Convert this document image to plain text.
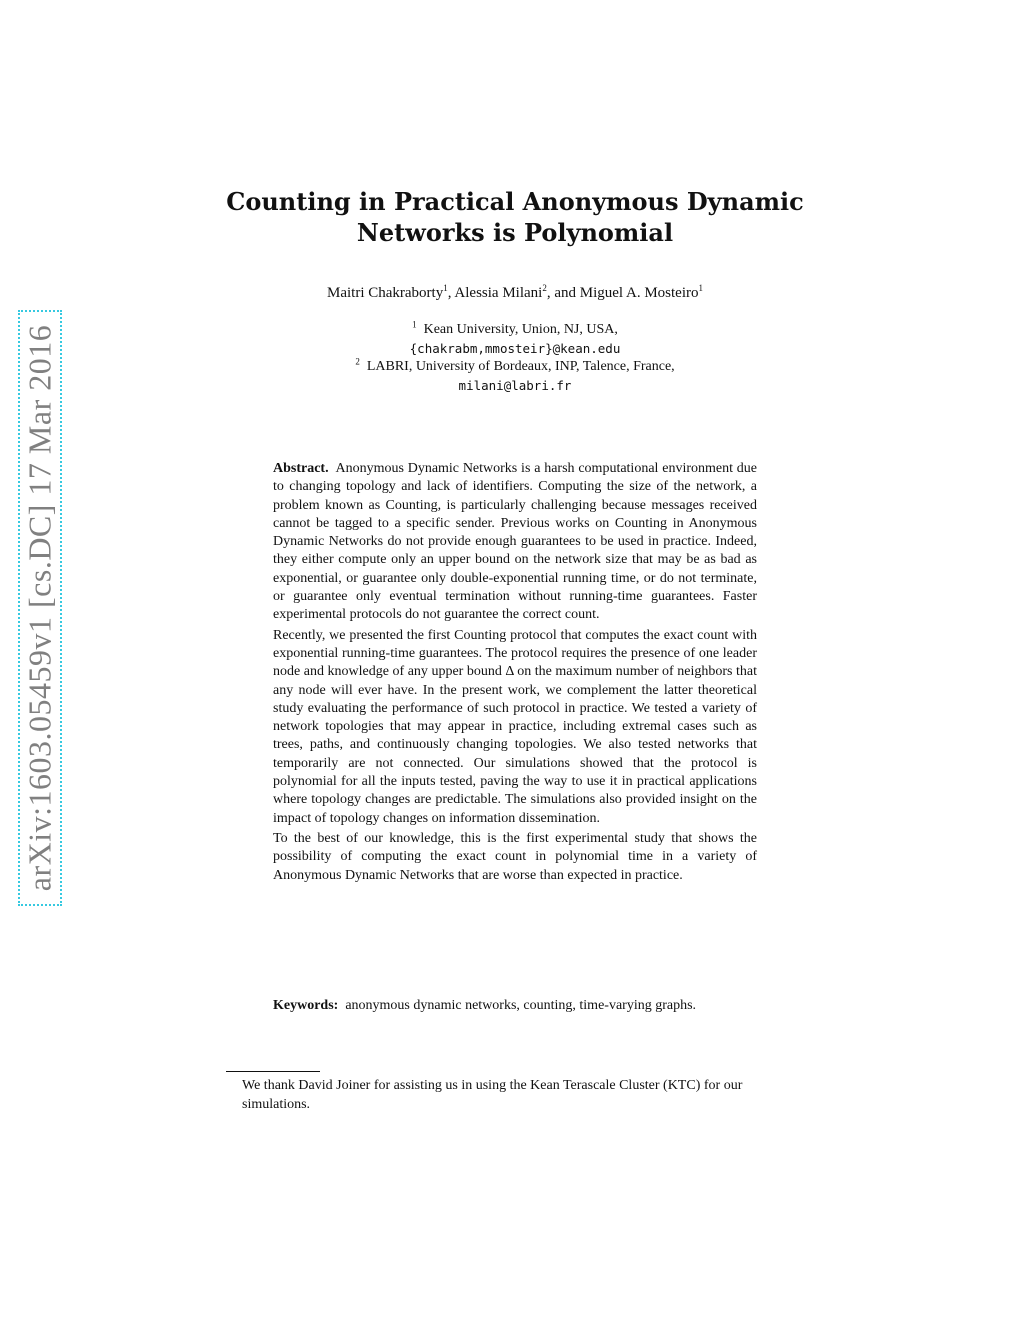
arXiv:1603.05459v1 [cs.DC] 17 Mar 2016
Counting in Practical Anonymous Dynamic
Networks is Polynomial
Maitri Chakraborty$^1$, Alessia Milani$^2$, and Miguel A. Mosteiro$^1$
$^1$ Kean University, Union, NJ, USA,
{chakrabm,mmosteir}@kean.edu
$^2$ LABRI, University of Bordeaux, INP, Talence, France,
milani@labri.fr

Abstract. Anonymous Dynamic Networks is a harsh computational environment due to changing topology and lack of identifiers. Computing the size of the network, a problem known as Counting, is particularly challenging because messages received cannot be tagged to a specific sender. Previous works on Counting in Anonymous Dynamic Networks do not provide enough guarantees to be used in practice. Indeed, they either compute only an upper bound on the network size that may be as bad as exponential, or guarantee only double-exponential running time, or do not terminate, or guarantee only eventual termination without running-time guarantees. Faster experimental protocols do not guarantee the correct count.

Recently, we presented the first Counting protocol that computes the exact count with exponential running-time guarantees. The protocol requires the presence of one leader node and knowledge of any upper bound Δ on the maximum number of neighbors that any node will ever have. In the present work, we complement the latter theoretical study evaluating the performance of such protocol in practice. We tested a variety of network topologies that may appear in practice, including extremal cases such as trees, paths, and continuously changing topologies. We also tested networks that temporarily are not connected. Our simulations showed that the protocol is polynomial for all the inputs tested, paving the way to use it in practical applications where topology changes are predictable. The simulations also provided insight on the impact of topology changes on information dissemination.

To the best of our knowledge, this is the first experimental study that shows the possibility of computing the exact count in polynomial time in a variety of Anonymous Dynamic Networks that are worse than expected in practice.

Keywords: anonymous dynamic networks, counting, time-varying graphs.
We thank David Joiner for assisting us in using the Kean Terascale Cluster (KTC) for our simulations.
